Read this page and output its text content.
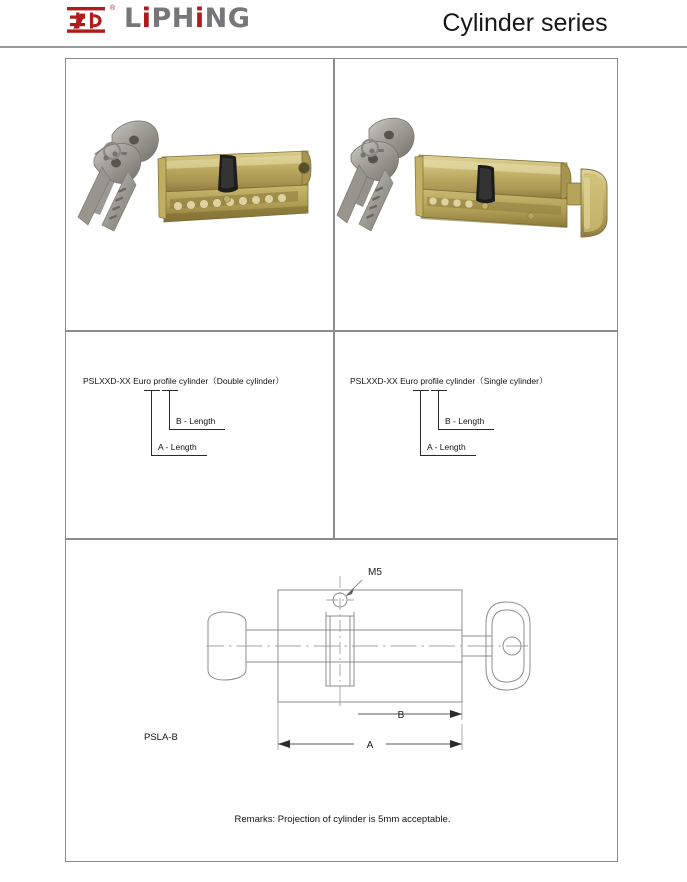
® LiPHiNG	Cylinder series
PSLXXD-XX Euro profile cylinder（Double cylinder）
A - Length
B - Length
PSLXXD-XX Euro profile cylinder（Single cylinder）
A - Length
B - Length
PSLA-B
M5
B
A
Remarks: Projection of cylinder is 5mm acceptable.
